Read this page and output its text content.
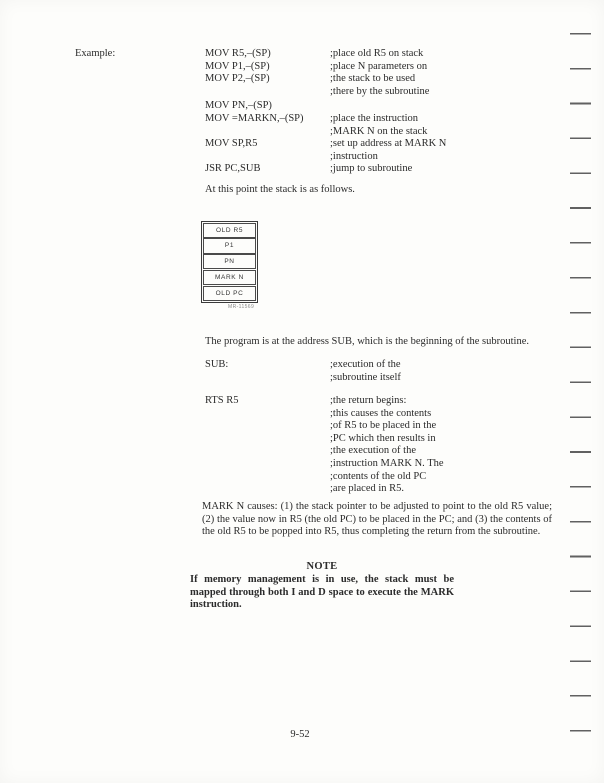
Example:	MOV R5,–(SP)	;place old R5 on stack
MOV P1,–(SP)	;place N parameters on
MOV P2,–(SP)	;the stack to be used
;there by the subroutine
MOV PN,–(SP)
MOV =MARKN,–(SP)	;place the instruction
;MARK N on the stack
MOV SP,R5	;set up address at MARK N
;instruction
JSR PC,SUB	;jump to subroutine
At this point the stack is as follows.
OLD R5
P1
PN
MARK N
OLD PC
MR-11569
The program is at the address SUB, which is the beginning of the subroutine.
SUB:	;execution of the
;subroutine itself
RTS R5	;the return begins:
;this causes the contents
;of R5 to be placed in the
;PC which then results in
;the execution of the
;instruction MARK N. The
;contents of the old PC
;are placed in R5.
MARK N causes: (1) the stack pointer to be adjusted to point to the old R5 value; (2) the value now in R5 (the old PC) to be placed in the PC; and (3) the contents of the old R5 to be popped into R5, thus completing the return from the subroutine.
NOTE
If memory management is in use, the stack must be mapped through both I and D space to execute the MARK instruction.
9-52
